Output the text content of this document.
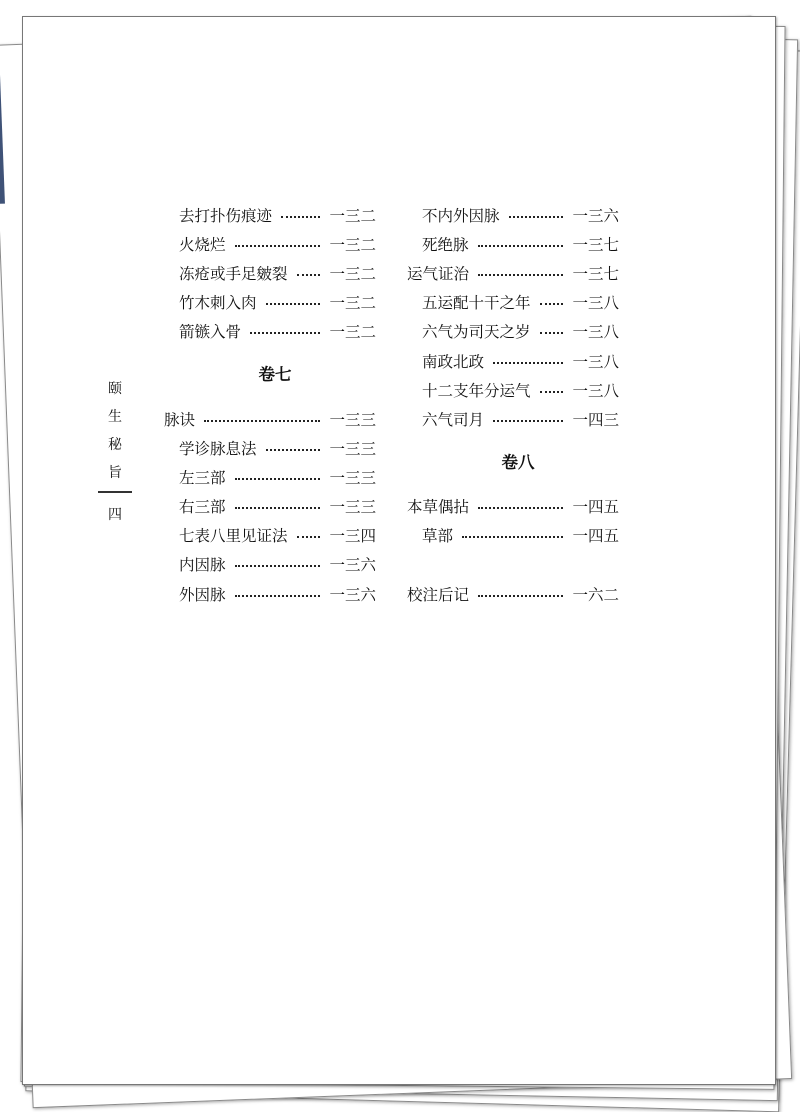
颐
生
秘
旨
四
去打扑伤痕迹	一三二
火烧烂	一三二
冻疮或手足皴裂	一三二
竹木刺入肉	一三二
箭镞入骨	一三二
卷七
脉诀	一三三
学诊脉息法	一三三
左三部	一三三
右三部	一三三
七表八里见证法	一三四
内因脉	一三六
外因脉	一三六
不内外因脉	一三六
死绝脉	一三七
运气证治	一三七
五运配十干之年	一三八
六气为司天之岁	一三八
南政北政	一三八
十二支年分运气	一三八
六气司月	一四三
卷八
本草偶拈	一四五
草部	一四五
校注后记	一六二
